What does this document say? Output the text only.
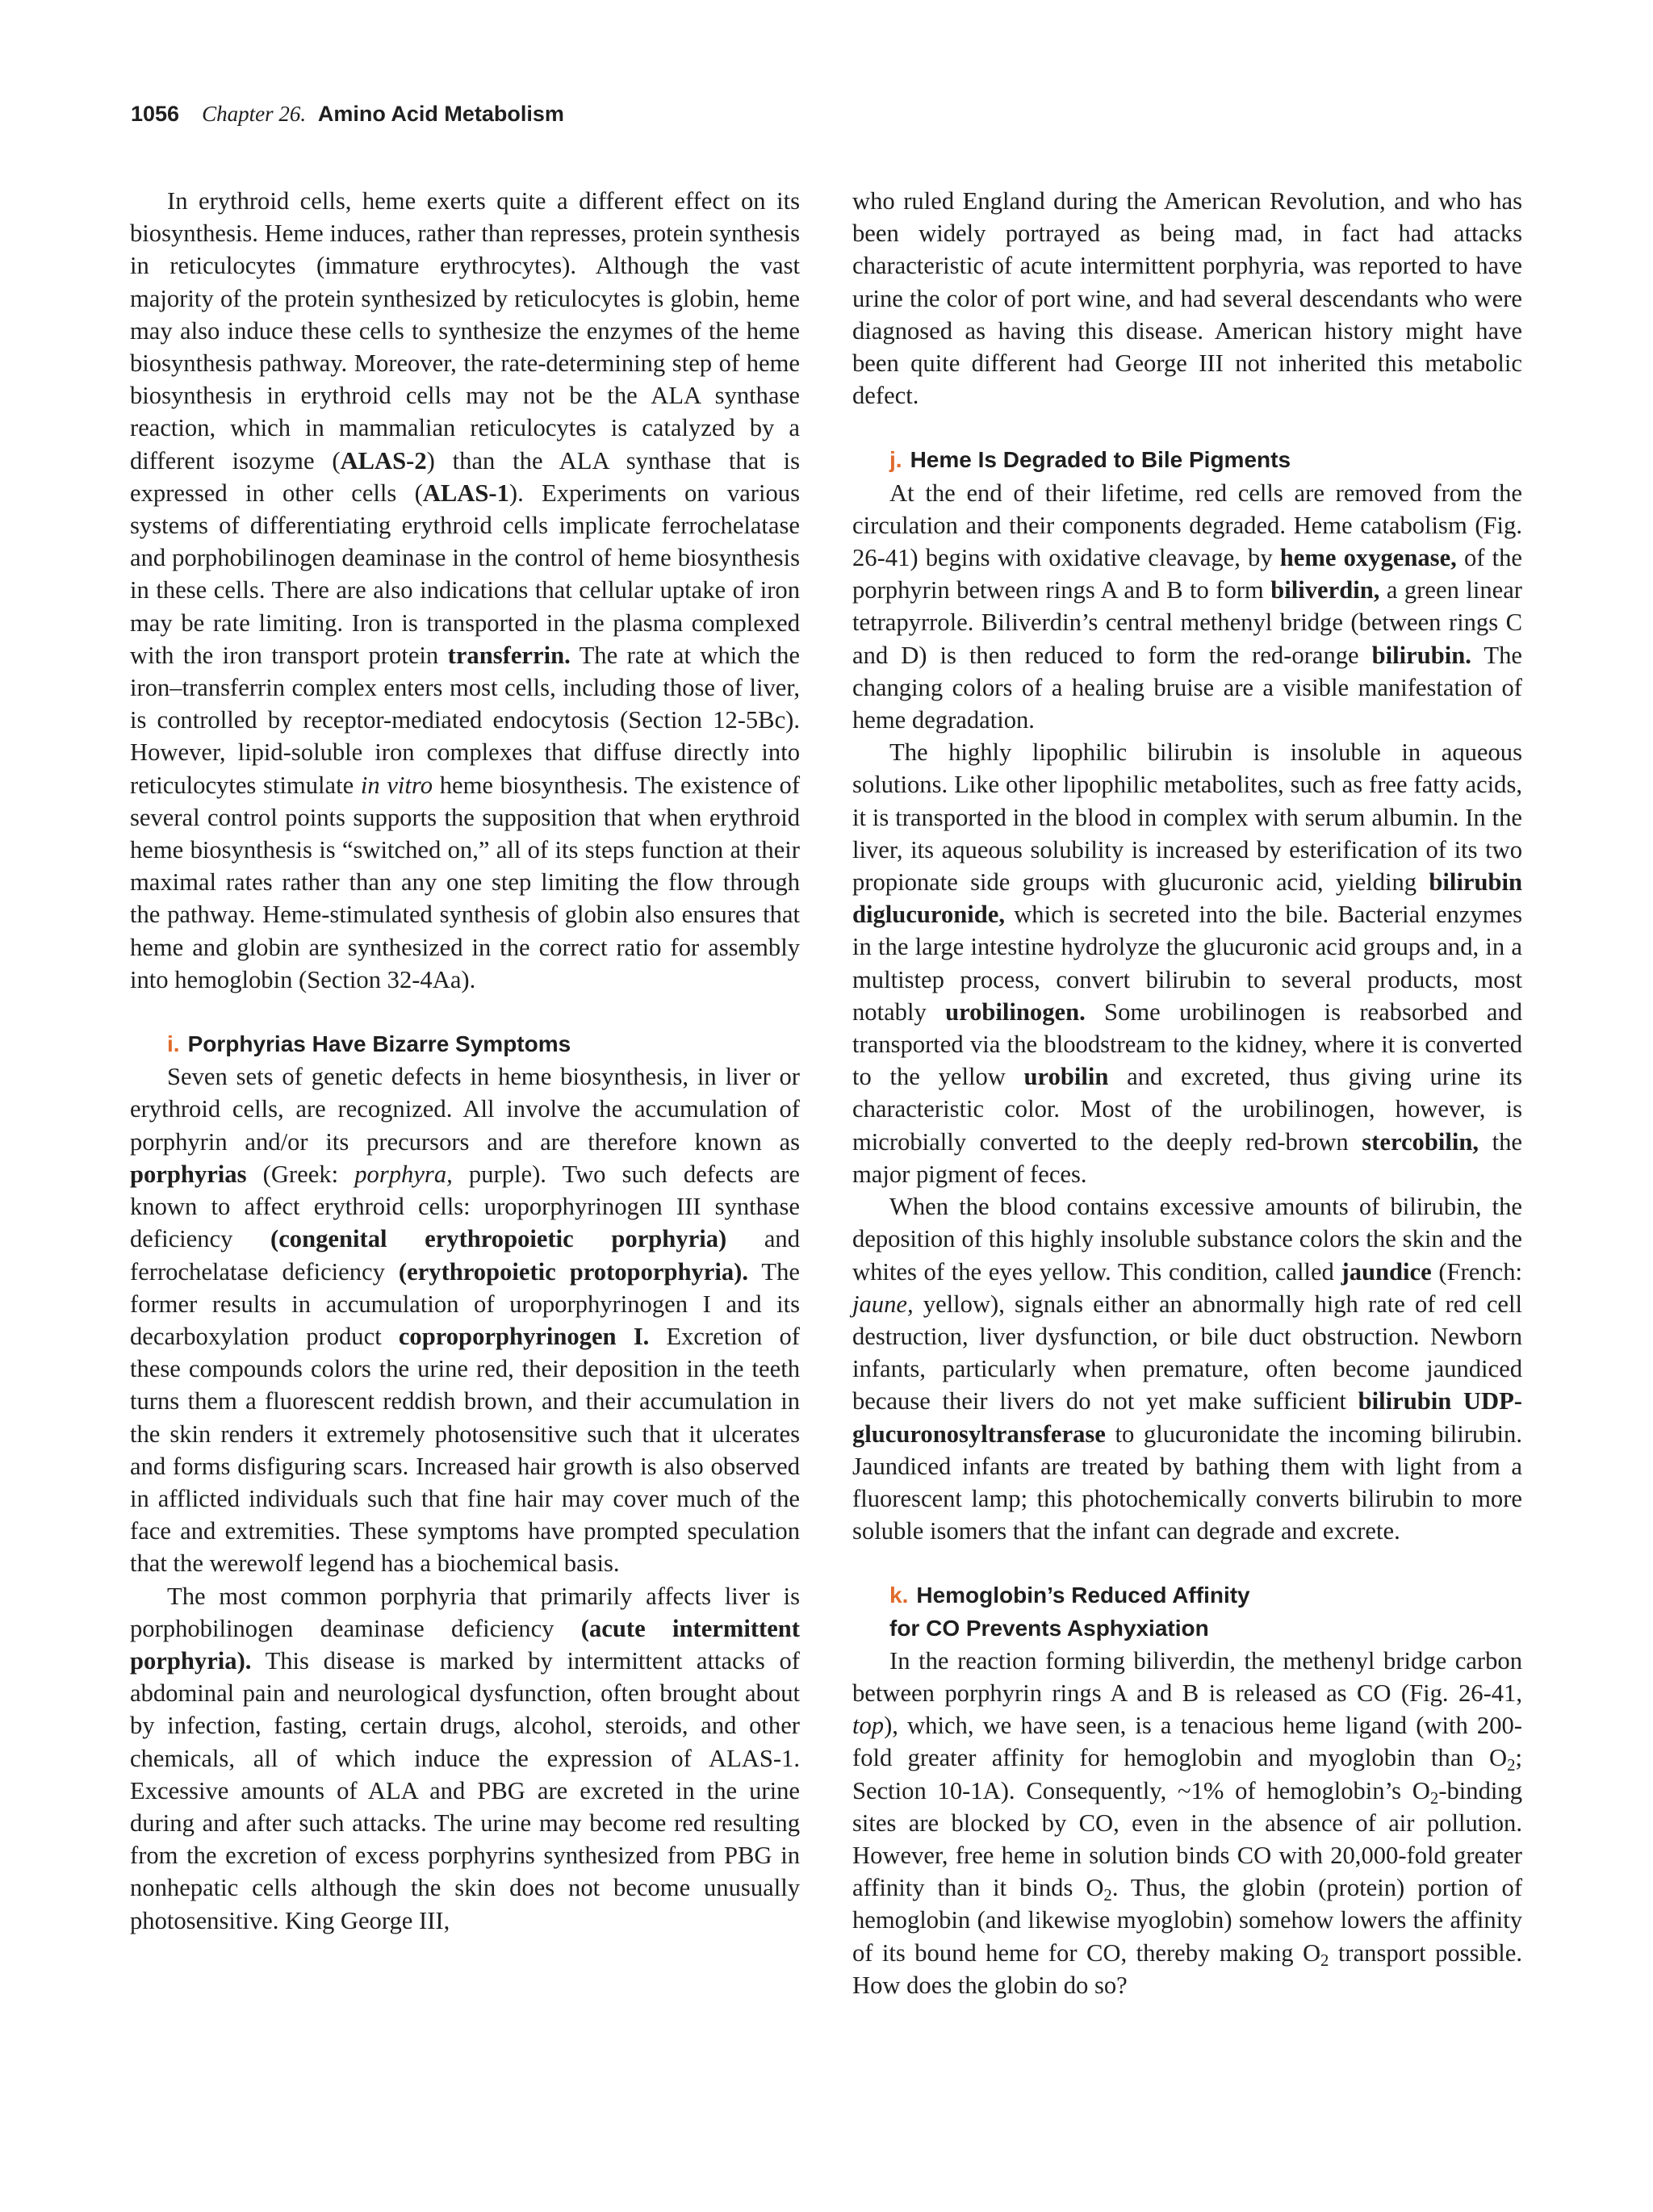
1056 Chapter 26. Amino Acid Metabolism

In erythroid cells, heme exerts quite a different effect on its biosynthesis. Heme induces, rather than represses, protein synthesis in reticulocytes (immature erythrocytes). Although the vast majority of the protein synthesized by reticulocytes is globin, heme may also induce these cells to synthesize the enzymes of the heme biosynthesis pathway. Moreover, the rate-determining step of heme biosynthesis in erythroid cells may not be the ALA synthase reaction, which in mammalian reticulocytes is catalyzed by a different isozyme (ALAS-2) than the ALA synthase that is expressed in other cells (ALAS-1). Experiments on various systems of differentiating erythroid cells implicate ferrochelatase and porphobilinogen deaminase in the control of heme biosynthesis in these cells. There are also indications that cellular uptake of iron may be rate limiting. Iron is transported in the plasma complexed with the iron transport protein transferrin. The rate at which the iron–transferrin complex enters most cells, including those of liver, is controlled by receptor-mediated endocytosis (Section 12-5Bc). However, lipid-soluble iron complexes that diffuse directly into reticulocytes stimulate in vitro heme biosynthesis. The existence of several control points supports the supposition that when erythroid heme biosynthesis is “switched on,” all of its steps function at their maximal rates rather than any one step limiting the flow through the pathway. Heme-stimulated synthesis of globin also ensures that heme and globin are synthesized in the correct ratio for assembly into hemoglobin (Section 32-4Aa).

i. Porphyrias Have Bizarre Symptoms

Seven sets of genetic defects in heme biosynthesis, in liver or erythroid cells, are recognized. All involve the accumulation of porphyrin and/or its precursors and are therefore known as porphyrias (Greek: porphyra, purple). Two such defects are known to affect erythroid cells: uroporphyrinogen III synthase deficiency (congenital erythropoietic porphyria) and ferrochelatase deficiency (erythropoietic protoporphyria). The former results in accumulation of uroporphyrinogen I and its decarboxylation product coproporphyrinogen I. Excretion of these compounds colors the urine red, their deposition in the teeth turns them a fluorescent reddish brown, and their accumulation in the skin renders it extremely photosensitive such that it ulcerates and forms disfiguring scars. Increased hair growth is also observed in afflicted individuals such that fine hair may cover much of the face and extremities. These symptoms have prompted speculation that the werewolf legend has a biochemical basis.

The most common porphyria that primarily affects liver is porphobilinogen deaminase deficiency (acute intermittent porphyria). This disease is marked by intermittent attacks of abdominal pain and neurological dysfunction, often brought about by infection, fasting, certain drugs, alcohol, steroids, and other chemicals, all of which induce the expression of ALAS-1. Excessive amounts of ALA and PBG are excreted in the urine during and after such attacks. The urine may become red resulting from the excretion of excess porphyrins synthesized from PBG in nonhepatic cells although the skin does not become unusually photosensitive. King George III,

who ruled England during the American Revolution, and who has been widely portrayed as being mad, in fact had attacks characteristic of acute intermittent porphyria, was reported to have urine the color of port wine, and had several descendants who were diagnosed as having this disease. American history might have been quite different had George III not inherited this metabolic defect.

j. Heme Is Degraded to Bile Pigments

At the end of their lifetime, red cells are removed from the circulation and their components degraded. Heme catabolism (Fig. 26-41) begins with oxidative cleavage, by heme oxygenase, of the porphyrin between rings A and B to form biliverdin, a green linear tetrapyrrole. Biliverdin’s central methenyl bridge (between rings C and D) is then reduced to form the red-orange bilirubin. The changing colors of a healing bruise are a visible manifestation of heme degradation.

The highly lipophilic bilirubin is insoluble in aqueous solutions. Like other lipophilic metabolites, such as free fatty acids, it is transported in the blood in complex with serum albumin. In the liver, its aqueous solubility is increased by esterification of its two propionate side groups with glucuronic acid, yielding bilirubin diglucuronide, which is secreted into the bile. Bacterial enzymes in the large intestine hydrolyze the glucuronic acid groups and, in a multistep process, convert bilirubin to several products, most notably urobilinogen. Some urobilinogen is reabsorbed and transported via the bloodstream to the kidney, where it is converted to the yellow urobilin and excreted, thus giving urine its characteristic color. Most of the urobilinogen, however, is microbially converted to the deeply red-brown stercobilin, the major pigment of feces.

When the blood contains excessive amounts of bilirubin, the deposition of this highly insoluble substance colors the skin and the whites of the eyes yellow. This condition, called jaundice (French: jaune, yellow), signals either an abnormally high rate of red cell destruction, liver dysfunction, or bile duct obstruction. Newborn infants, particularly when premature, often become jaundiced because their livers do not yet make sufficient bilirubin UDP-glucuronosyltransferase to glucuronidate the incoming bilirubin. Jaundiced infants are treated by bathing them with light from a fluorescent lamp; this photochemically converts bilirubin to more soluble isomers that the infant can degrade and excrete.

k. Hemoglobin’s Reduced Affinity
for CO Prevents Asphyxiation

In the reaction forming biliverdin, the methenyl bridge carbon between porphyrin rings A and B is released as CO (Fig. 26-41, top), which, we have seen, is a tenacious heme ligand (with 200-fold greater affinity for hemoglobin and myoglobin than $O_2$; Section 10-1A). Consequently, ~1% of hemoglobin’s $O_2$-binding sites are blocked by CO, even in the absence of air pollution. However, free heme in solution binds CO with 20,000-fold greater affinity than it binds $O_2$. Thus, the globin (protein) portion of hemoglobin (and likewise myoglobin) somehow lowers the affinity of its bound heme for CO, thereby making $O_2$ transport possible. How does the globin do so?
